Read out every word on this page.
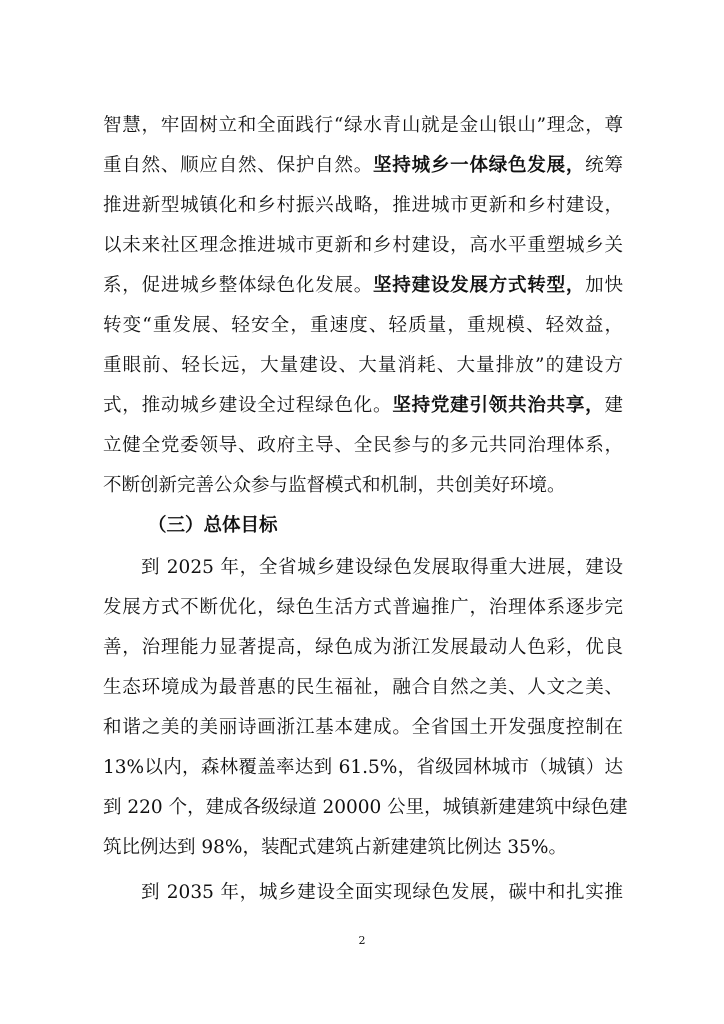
智慧，牢固树立和全面践行“绿水青山就是金山银山”理念，尊
重自然、顺应自然、保护自然。坚持城乡一体绿色发展，统筹
推进新型城镇化和乡村振兴战略，推进城市更新和乡村建设，
以未来社区理念推进城市更新和乡村建设，高水平重塑城乡关
系，促进城乡整体绿色化发展。坚持建设发展方式转型，加快
转变“重发展、轻安全，重速度、轻质量，重规模、轻效益，
重眼前、轻长远，大量建设、大量消耗、大量排放”的建设方
式，推动城乡建设全过程绿色化。坚持党建引领共治共享，建
立健全党委领导、政府主导、全民参与的多元共同治理体系，
不断创新完善公众参与监督模式和机制，共创美好环境。
（三）总体目标
到 2025 年，全省城乡建设绿色发展取得重大进展，建设
发展方式不断优化，绿色生活方式普遍推广，治理体系逐步完
善，治理能力显著提高，绿色成为浙江发展最动人色彩，优良
生态环境成为最普惠的民生福祉，融合自然之美、人文之美、
和谐之美的美丽诗画浙江基本建成。全省国土开发强度控制在
13%以内，森林覆盖率达到 61.5%，省级园林城市（城镇）达
到 220 个，建成各级绿道 20000 公里，城镇新建建筑中绿色建
筑比例达到 98%，装配式建筑占新建建筑比例达 35%。
到 2035 年，城乡建设全面实现绿色发展，碳中和扎实推
2
